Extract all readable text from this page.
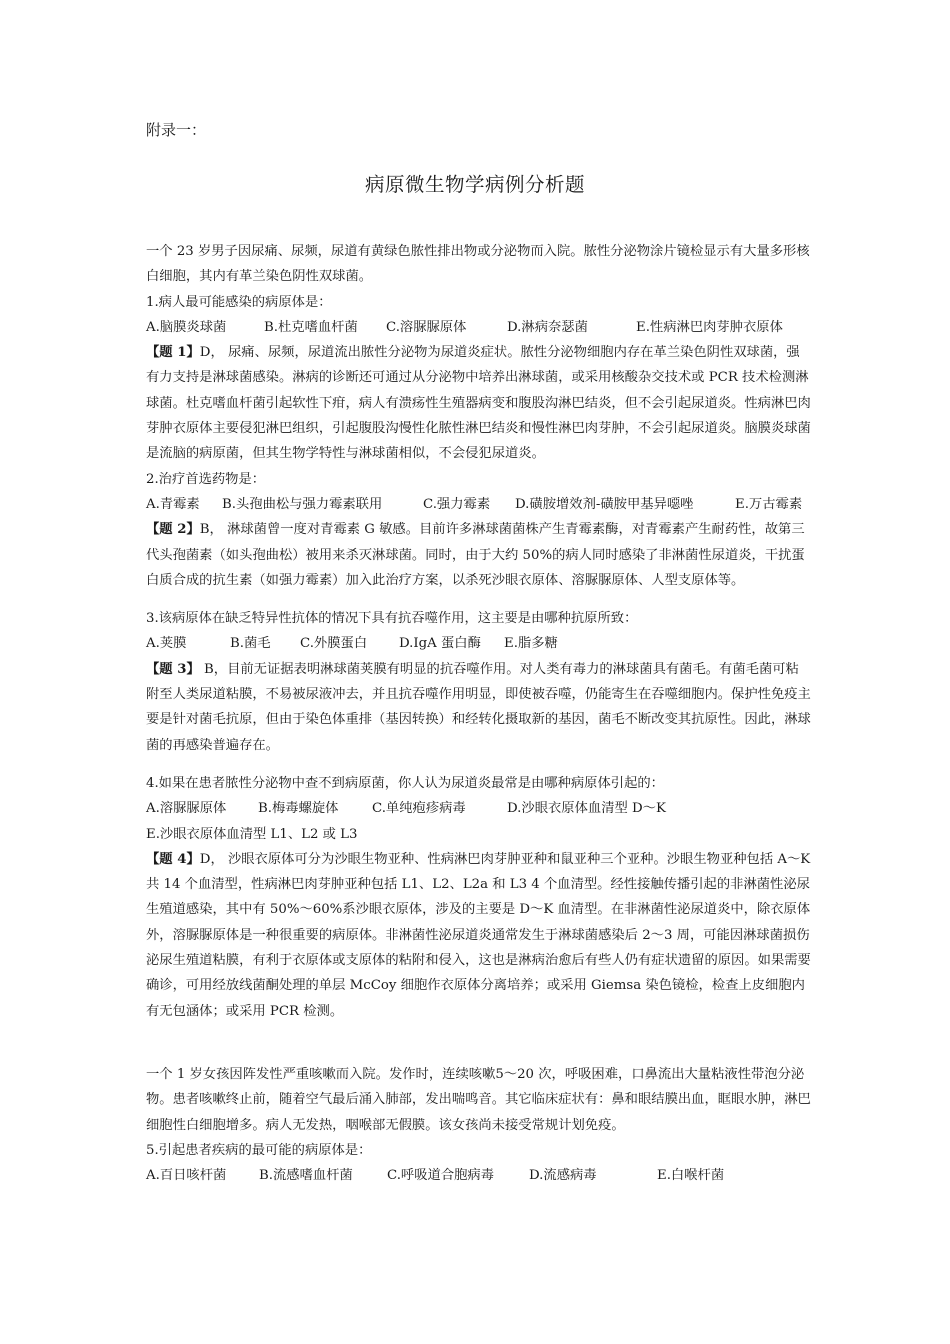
附录一：
病原微生物学病例分析题

一个 23 岁男子因尿痛、尿频，尿道有黄绿色脓性排出物或分泌物而入院。脓性分泌物涂片镜检显示有大量多形核白细胞，其内有革兰染色阴性双球菌。

1.病人最可能感染的病原体是：

A.脑膜炎球菌	B.杜克嗜血杆菌 C.溶脲脲原体	D.淋病奈瑟菌	E.性病淋巴肉芽肿衣原体

【题 1】D， 尿痛、尿频，尿道流出脓性分泌物为尿道炎症状。脓性分泌物细胞内存在革兰染色阴性双球菌，强有力支持是淋球菌感染。淋病的诊断还可通过从分泌物中培养出淋球菌，或采用核酸杂交技术或 PCR 技术检测淋球菌。杜克嗜血杆菌引起软性下疳，病人有溃疡性生殖器病变和腹股沟淋巴结炎，但不会引起尿道炎。性病淋巴肉芽肿衣原体主要侵犯淋巴组织，引起腹股沟慢性化脓性淋巴结炎和慢性淋巴肉芽肿，不会引起尿道炎。脑膜炎球菌是流脑的病原菌，但其生物学特性与淋球菌相似，不会侵犯尿道炎。

2.治疗首选药物是：

A.青霉素 B.头孢曲松与强力霉素联用	C.强力霉素 D.磺胺增效剂-磺胺甲基异噁唑	E.万古霉素

【题 2】B， 淋球菌曾一度对青霉素 G 敏感。目前许多淋球菌菌株产生青霉素酶，对青霉素产生耐药性，故第三代头孢菌素（如头孢曲松）被用来杀灭淋球菌。同时，由于大约 50%的病人同时感染了非淋菌性尿道炎，干扰蛋白质合成的抗生素（如强力霉素）加入此治疗方案，以杀死沙眼衣原体、溶脲脲原体、人型支原体等。

3.该病原体在缺乏特异性抗体的情况下具有抗吞噬作用，这主要是由哪种抗原所致：

A.荚膜	B.菌毛 C.外膜蛋白 D.IgA 蛋白酶 E.脂多糖

【题 3】 B，目前无证据表明淋球菌荚膜有明显的抗吞噬作用。对人类有毒力的淋球菌具有菌毛。有菌毛菌可粘附至人类尿道粘膜，不易被尿液冲去，并且抗吞噬作用明显，即使被吞噬，仍能寄生在吞噬细胞内。保护性免疫主要是针对菌毛抗原，但由于染色体重排（基因转换）和经转化摄取新的基因，菌毛不断改变其抗原性。因此，淋球菌的再感染普遍存在。

4.如果在患者脓性分泌物中查不到病原菌，你人认为尿道炎最常是由哪种病原体引起的：

A.溶脲脲原体 B.梅毒螺旋体	C.单纯疱疹病毒	D.沙眼衣原体血清型 D～K

E.沙眼衣原体血清型 L1、L2 或 L3

【题 4】D， 沙眼衣原体可分为沙眼生物亚种、性病淋巴肉芽肿亚种和鼠亚种三个亚种。沙眼生物亚种包括 A～K 共 14 个血清型，性病淋巴肉芽肿亚种包括 L1、L2、L2a 和 L3 4 个血清型。经性接触传播引起的非淋菌性泌尿生殖道感染，其中有 50%～60%系沙眼衣原体，涉及的主要是 D～K 血清型。在非淋菌性泌尿道炎中，除衣原体外，溶脲脲原体是一种很重要的病原体。非淋菌性泌尿道炎通常发生于淋球菌感染后 2～3 周，可能因淋球菌损伤泌尿生殖道粘膜，有利于衣原体或支原体的粘附和侵入，这也是淋病治愈后有些人仍有症状遗留的原因。如果需要确诊，可用经放线菌酮处理的单层 McCoy 细胞作衣原体分离培养；或采用 Giemsa 染色镜检，检查上皮细胞内有无包涵体；或采用 PCR 检测。

一个 1 岁女孩因阵发性严重咳嗽而入院。发作时，连续咳嗽5～20 次，呼吸困难，口鼻流出大量粘液性带泡分泌物。患者咳嗽终止前，随着空气最后涌入肺部，发出喘鸣音。其它临床症状有：鼻和眼结膜出血，眶眼水肿，淋巴细胞性白细胞增多。病人无发热，咽喉部无假膜。该女孩尚未接受常规计划免疫。

5.引起患者疾病的最可能的病原体是：

A.百日咳杆菌 B.流感嗜血杆菌	C.呼吸道合胞病毒	D.流感病毒	E.白喉杆菌
